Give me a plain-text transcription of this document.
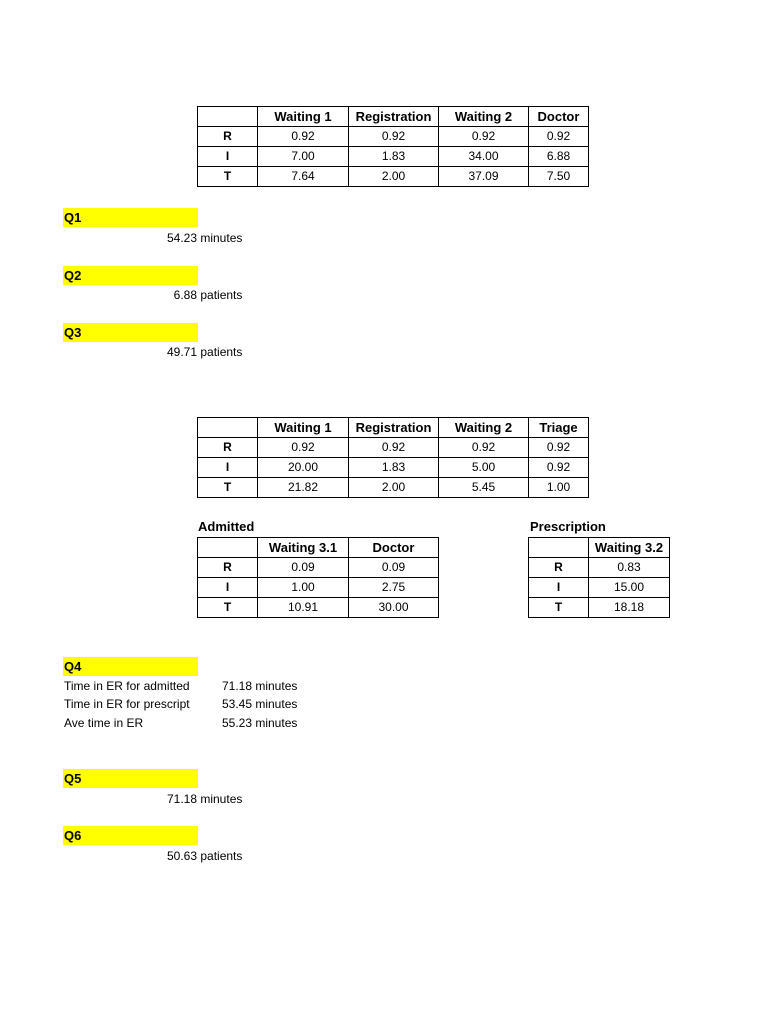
	Waiting 1	Registration	Waiting 2	Doctor
R	0.92	0.92	0.92	0.92
I	7.00	1.83	34.00	6.88
T	7.64	2.00	37.09	7.50
Q1
54.23 minutes
Q2
6.88 patients
Q3
49.71 patients
	Waiting 1	Registration	Waiting 2	Triage
R	0.92	0.92	0.92	0.92
I	20.00	1.83	5.00	0.92
T	21.82	2.00	5.45	1.00
Admitted
	Waiting 3.1	Doctor
R	0.09	0.09
I	1.00	2.75
T	10.91	30.00
Prescription
	Waiting 3.2
R	0.83
I	15.00
T	18.18
Q4
Time in ER for admitted	71.18 minutes
Time in ER for prescript	53.45 minutes
Ave time in ER	55.23 minutes
Q5
71.18 minutes
Q6
50.63 patients
